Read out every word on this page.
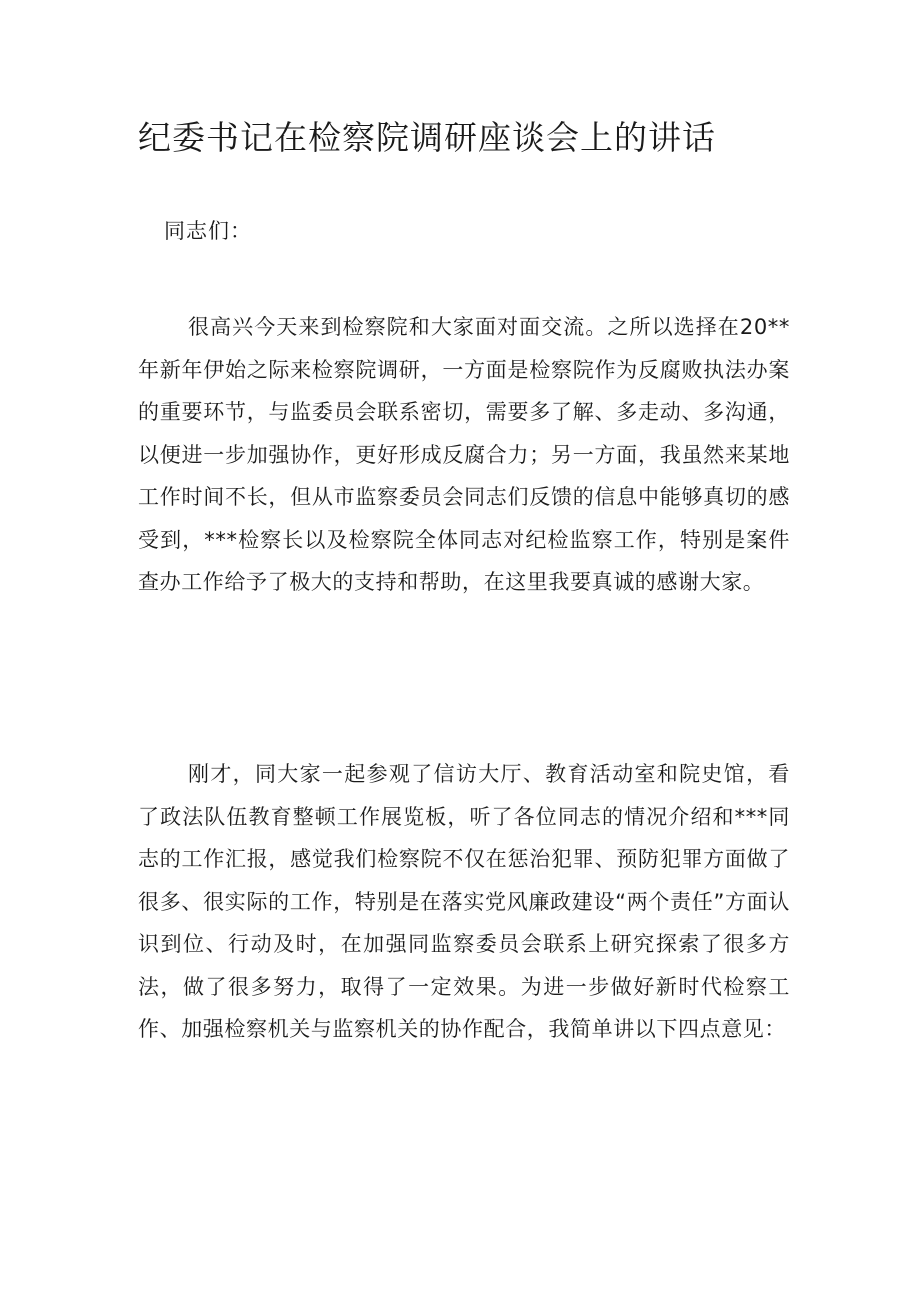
纪委书记在检察院调研座谈会上的讲话

同志们：

很高兴今天来到检察院和大家面对面交流。之所以选择在20**年新年伊始之际来检察院调研，一方面是检察院作为反腐败执法办案的重要环节，与监委员会联系密切，需要多了解、多走动、多沟通，以便进一步加强协作，更好形成反腐合力；另一方面，我虽然来某地工作时间不长，但从市监察委员会同志们反馈的信息中能够真切的感受到，***检察长以及检察院全体同志对纪检监察工作，特别是案件查办工作给予了极大的支持和帮助，在这里我要真诚的感谢大家。

刚才，同大家一起参观了信访大厅、教育活动室和院史馆，看了政法队伍教育整顿工作展览板，听了各位同志的情况介绍和***同志的工作汇报，感觉我们检察院不仅在惩治犯罪、预防犯罪方面做了很多、很实际的工作，特别是在落实党风廉政建设“两个责任”方面认识到位、行动及时，在加强同监察委员会联系上研究探索了很多方法，做了很多努力，取得了一定效果。为进一步做好新时代检察工作、加强检察机关与监察机关的协作配合，我简单讲以下四点意见：
